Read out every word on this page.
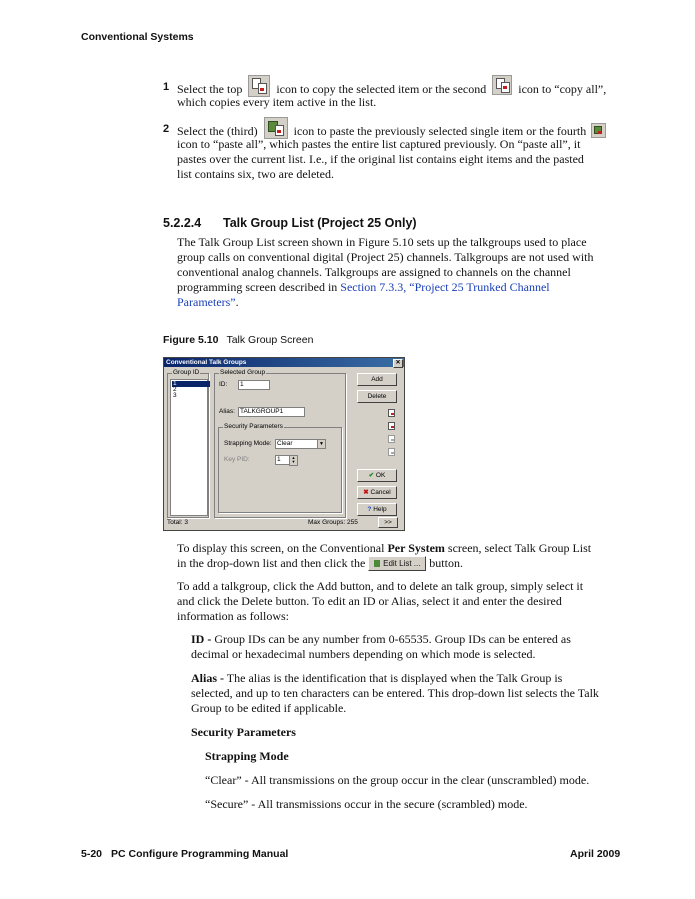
Conventional Systems
1 Select the top	icon to copy the selected item or the second	icon to “copy all”,
which copies every item active in the list.
2 Select the (third)	icon to paste the previously selected single item or the fourth
icon to “paste all”, which pastes the entire list captured previously. On “paste all”, it
pastes over the current list. I.e., if the original list contains eight items and the pasted
list contains six, two are deleted.
5.2.2.4 Talk Group List (Project 25 Only)
The Talk Group List screen shown in Figure 5.10 sets up the talkgroups used to place
group calls on conventional digital (Project 25) channels. Talkgroups are not used with
conventional analog channels. Talkgroups are assigned to channels on the channel
programming screen described in Section 7.3.3, “Project 25 Trunked Channel
Parameters”.
Figure 5.10 Talk Group Screen
Conventional Talk Groups	✕
Group ID
1
2
3
Selected Group
ID:	1
Alias: TALKGROUP1
Security Parameters
Strapping Mode: Clear	▼
Key PID:	1	▲
▼
Add
Delete
✔ OK
✖ Cancel
? Help
Total: 3	Max Groups: 255	>>
To display this screen, on the Conventional Per System screen, select Talk Group List
in the drop-down list and then click the Edit List ... button.
To add a talkgroup, click the Add button, and to delete an talk group, simply select it
and click the Delete button. To edit an ID or Alias, select it and enter the desired
information as follows:
ID - Group IDs can be any number from 0-65535. Group IDs can be entered as
decimal or hexadecimal numbers depending on which mode is selected.
Alias - The alias is the identification that is displayed when the Talk Group is
selected, and up to ten characters can be entered. This drop-down list selects the Talk
Group to be edited if applicable.
Security Parameters
Strapping Mode
“Clear” - All transmissions on the group occur in the clear (unscrambled) mode.
“Secure” - All transmissions occur in the secure (scrambled) mode.
5-20 PC Configure Programming Manual	April 2009
